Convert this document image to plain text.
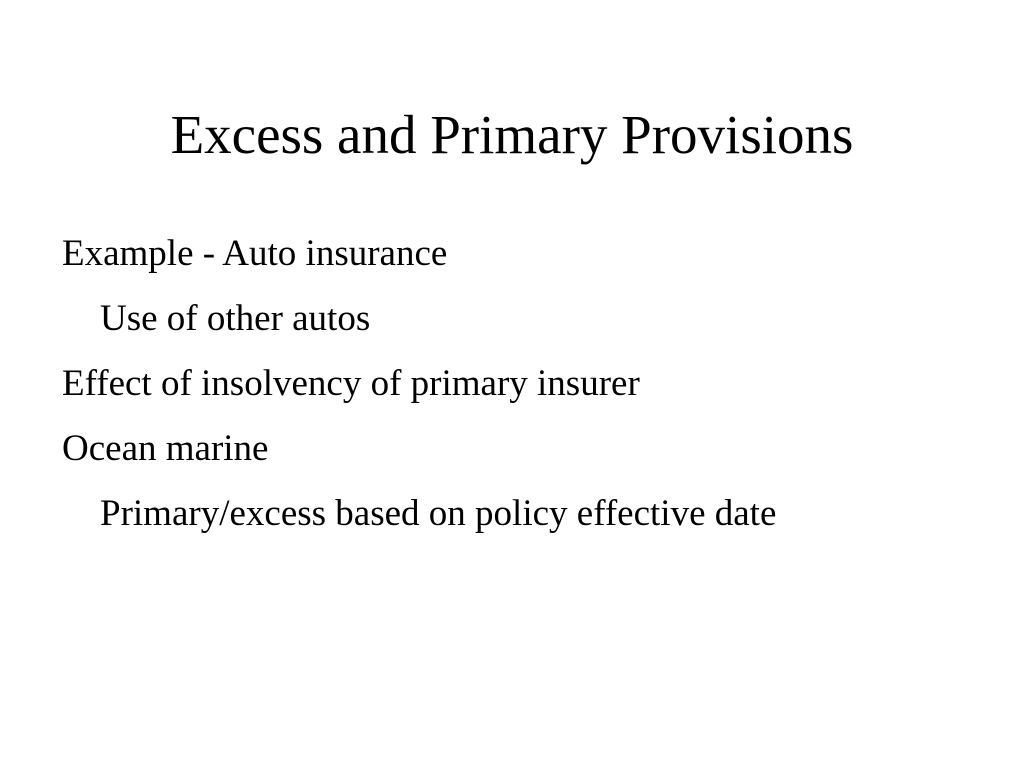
Excess and Primary Provisions
Example - Auto insurance
Use of other autos
Effect of insolvency of primary insurer
Ocean marine
Primary/excess based on policy effective date
